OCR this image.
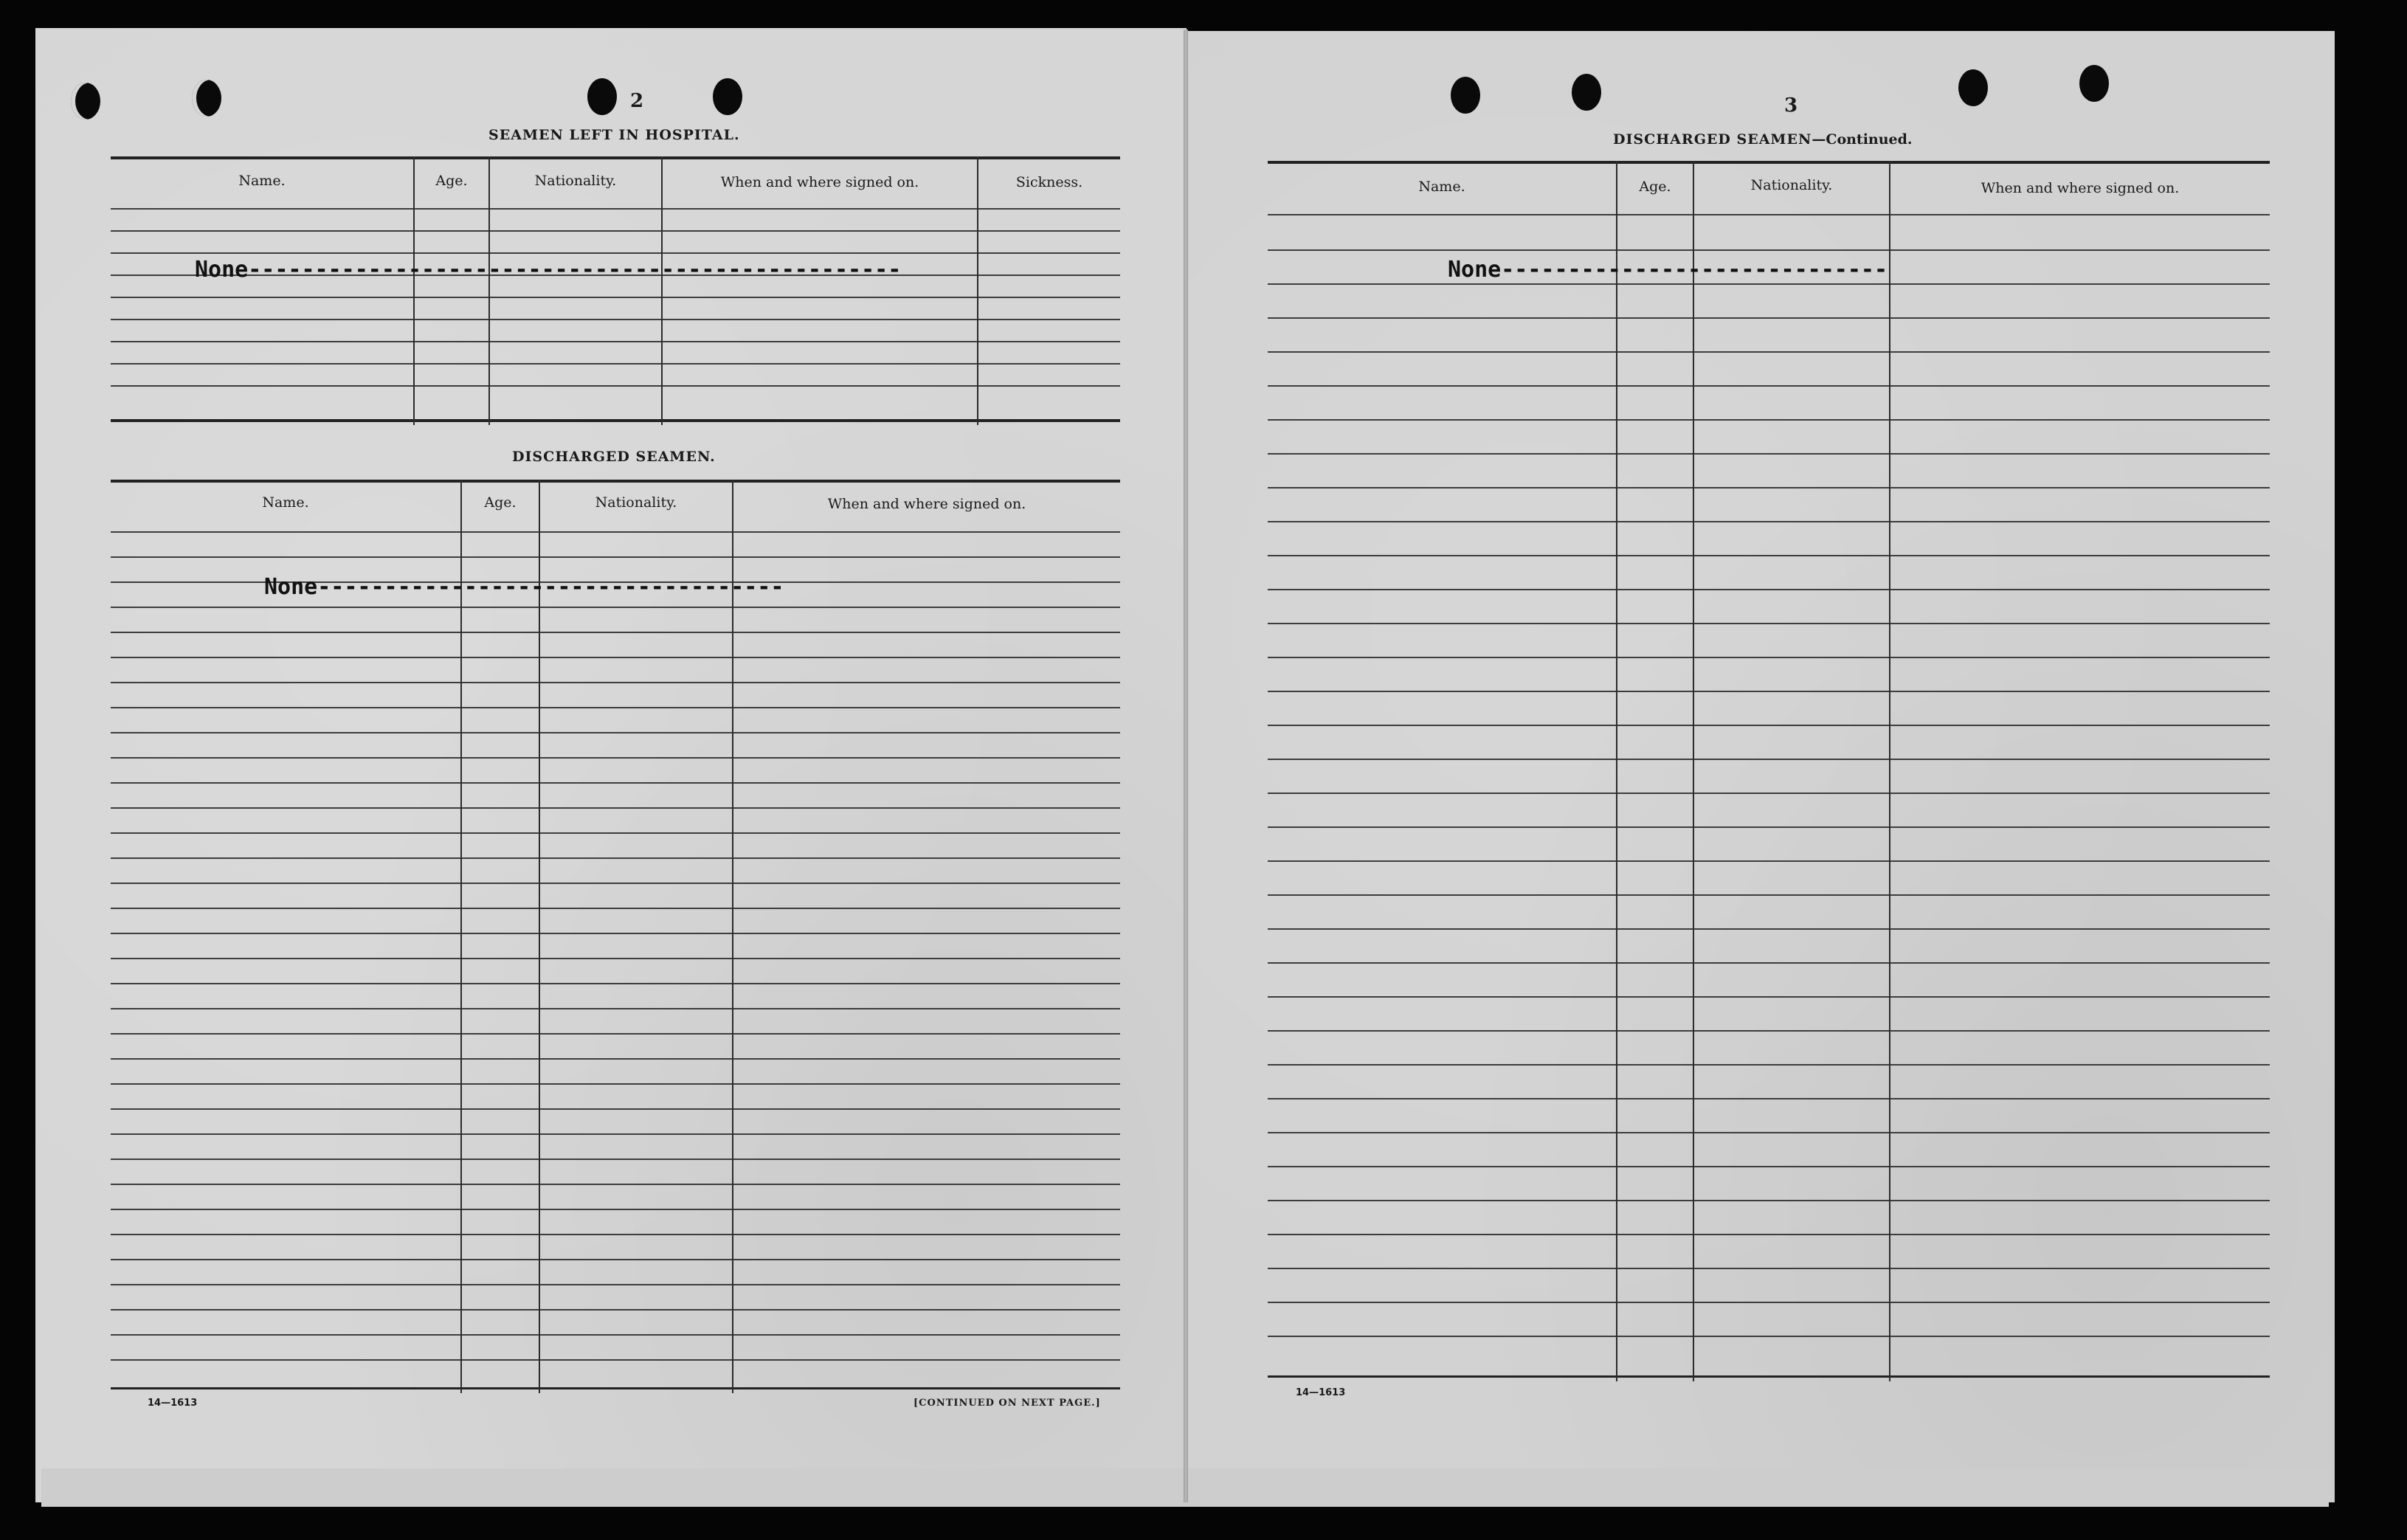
2
SEAMEN LEFT IN HOSPITAL.
Name.	Age.	Nationality.	When and where signed on.	Sickness.
None-------------------------------------------------
DISCHARGED SEAMEN.
Name.	Age.	Nationality.	When and where signed on.
None-----------------------------------
14—1613	[CONTINUED ON NEXT PAGE.]
3
DISCHARGED SEAMEN—Continued.
Name.	Age.	Nationality.	When and where signed on.
None-----------------------------
14—1613
